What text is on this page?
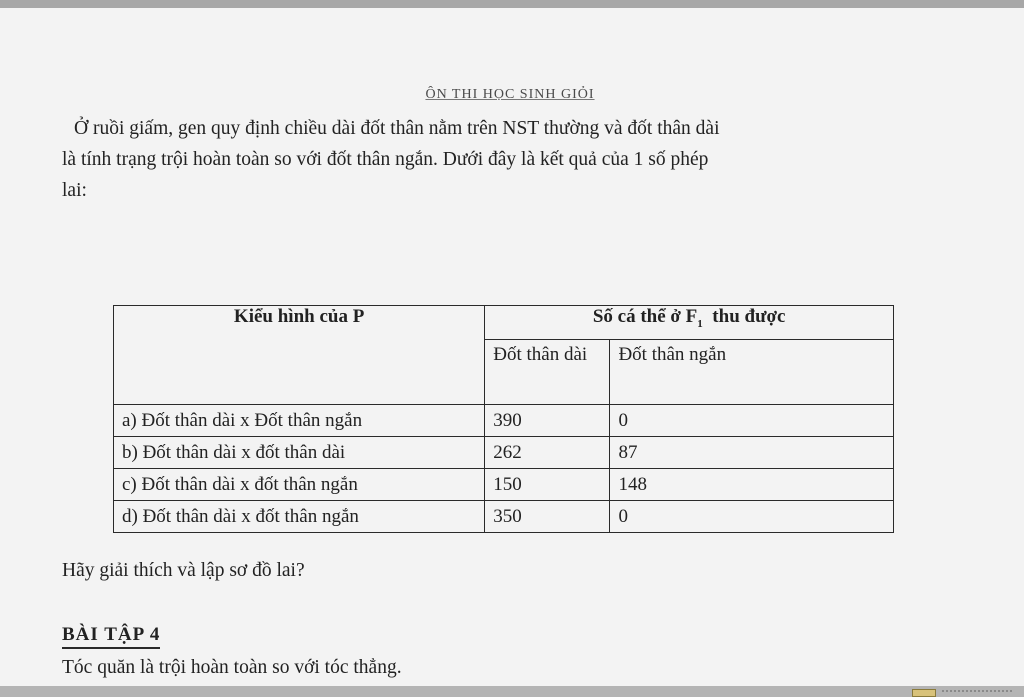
ÔN THI HỌC SINH GIỎI
Ở ruồi giấm, gen quy định chiều dài đốt thân nằm trên NST thường và đốt thân dài
là tính trạng trội hoàn toàn so với đốt thân ngắn. Dưới đây là kết quả của 1 số phép
lai:
Kiểu hình của P	Số cá thể ở $F_1$ thu được	
	Đốt thân dài	Đốt thân ngắn
a) Đốt thân dài x Đốt thân ngắn	390	0
b) Đốt thân dài x đốt thân dài	262	87
c) Đốt thân dài x đốt thân ngắn	150	148
d) Đốt thân dài x đốt thân ngắn	350	0
Hãy giải thích và lập sơ đồ lai?
BÀI TẬP 4
Tóc quăn là trội hoàn toàn so với tóc thẳng.
